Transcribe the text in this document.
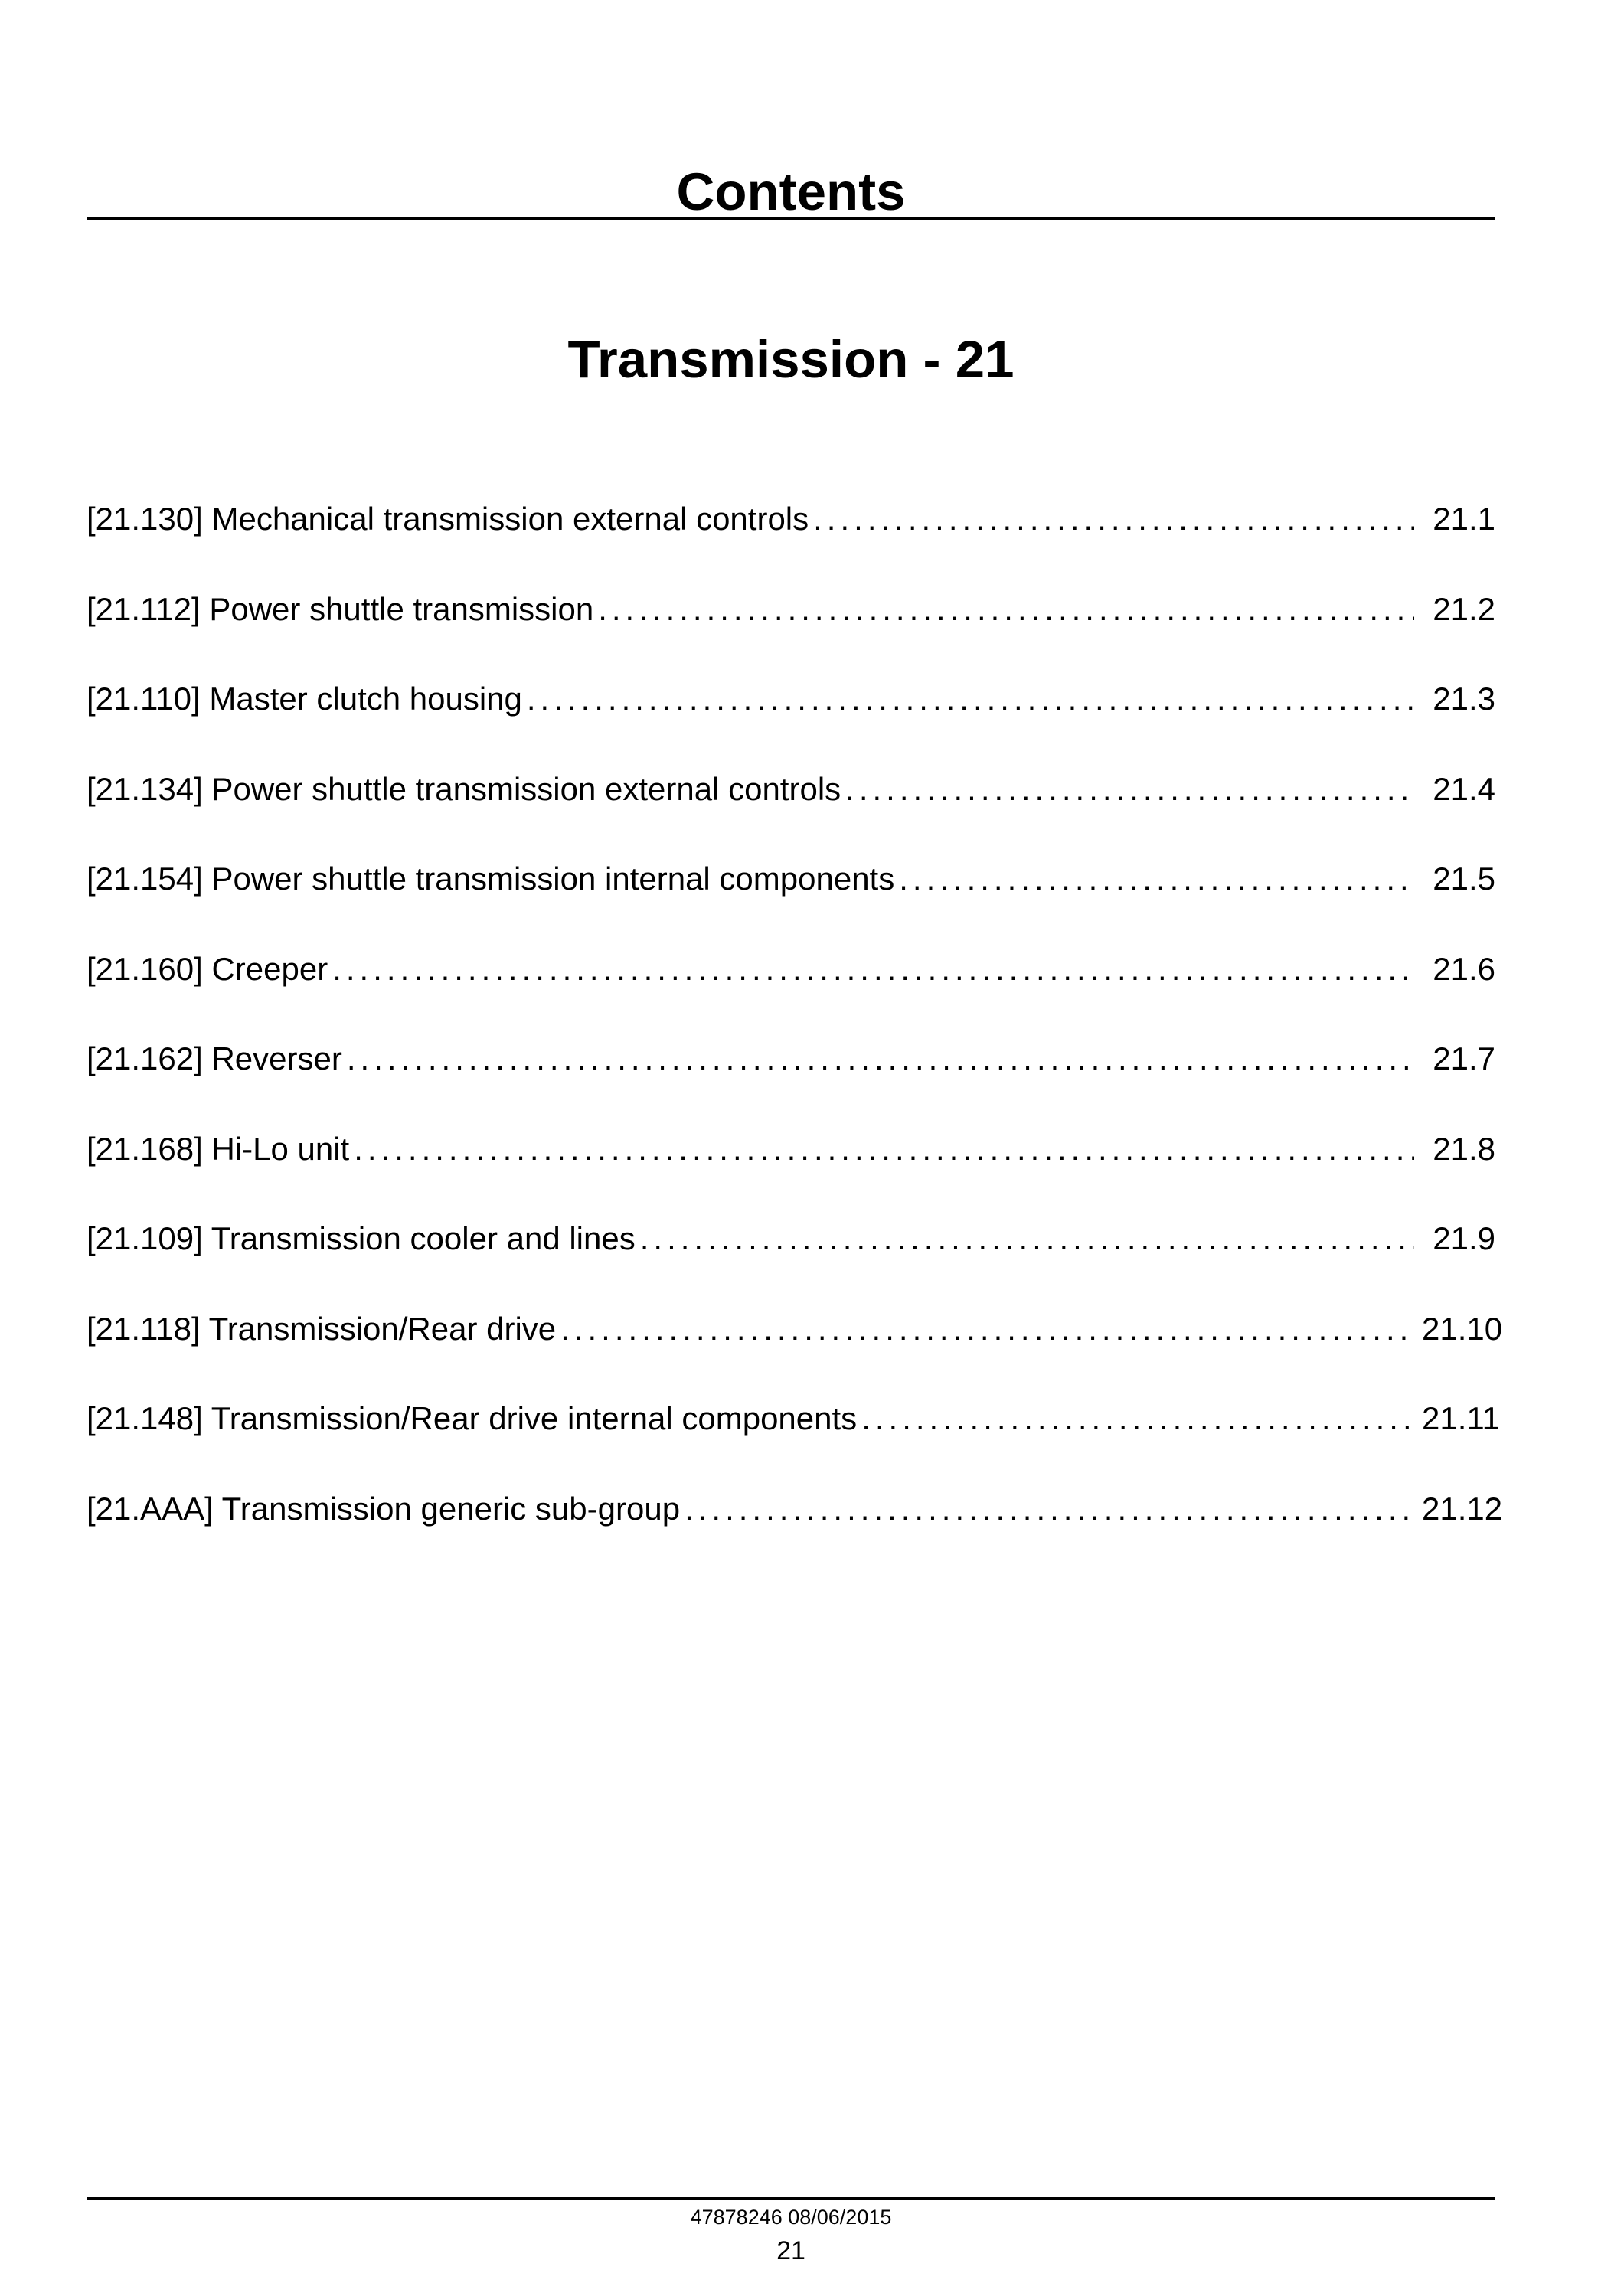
Contents
Transmission - 21
[21.130] Mechanical transmission external controls .....	21.1
[21.112] Power shuttle transmission .....	21.2
[21.110] Master clutch housing .....	21.3
[21.134] Power shuttle transmission external controls .....	21.4
[21.154] Power shuttle transmission internal components .....	21.5
[21.160] Creeper .....	21.6
[21.162] Reverser .....	21.7
[21.168] Hi-Lo unit .....	21.8
[21.109] Transmission cooler and lines .....	21.9
[21.118] Transmission/Rear drive .....	21.10
[21.148] Transmission/Rear drive internal components .....	21.11
[21.AAA] Transmission generic sub-group .....	21.12
47878246 08/06/2015
21
